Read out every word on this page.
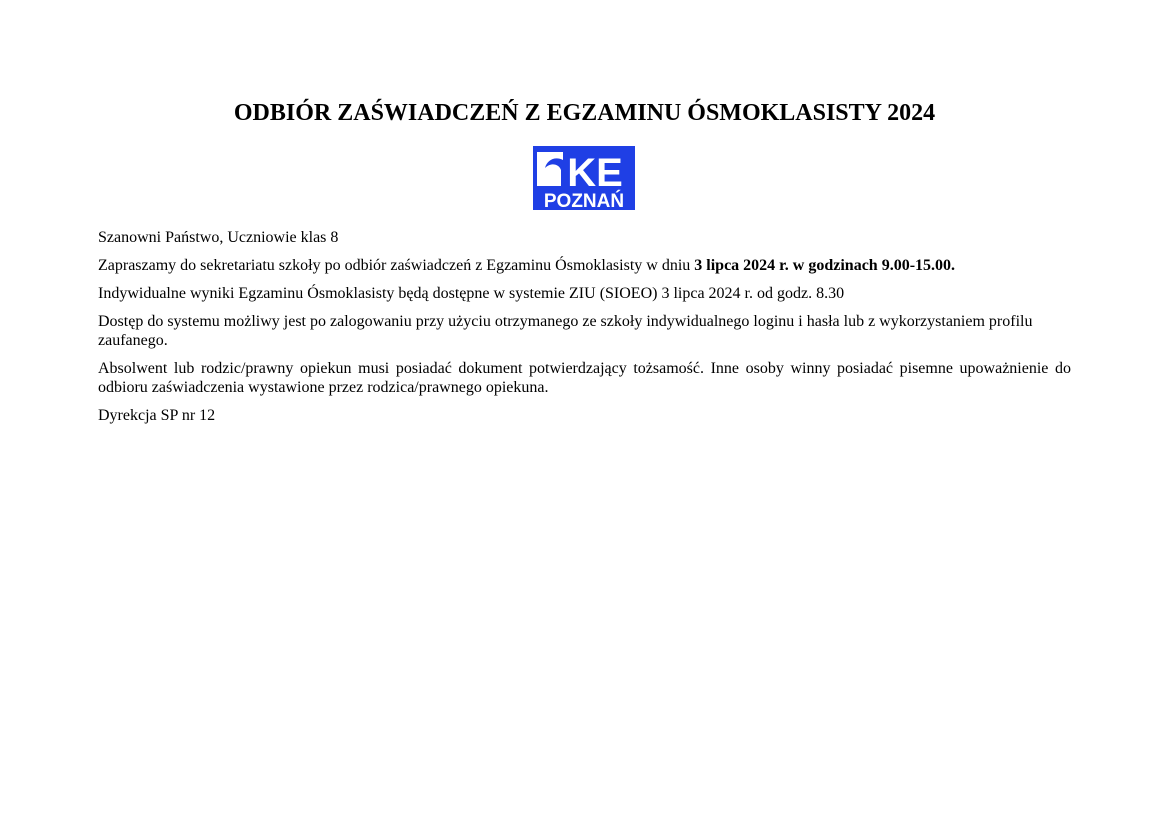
ODBIÓR ZAŚWIADCZEŃ Z EGZAMINU ÓSMOKLASISTY 2024
KE
POZNAŃ

Szanowni Państwo, Uczniowie klas 8

Zapraszamy do sekretariatu szkoły po odbiór zaświadczeń z Egzaminu Ósmoklasisty w dniu 3 lipca 2024 r. w godzinach 9.00-15.00.

Indywidualne wyniki Egzaminu Ósmoklasisty będą dostępne w systemie ZIU (SIOEO) 3 lipca 2024 r. od godz. 8.30

Dostęp do systemu możliwy jest po zalogowaniu przy użyciu otrzymanego ze szkoły indywidualnego loginu i hasła lub z wykorzystaniem profilu zaufanego.

Absolwent lub rodzic/prawny opiekun musi posiadać dokument potwierdzający tożsamość. Inne osoby winny posiadać pisemne upoważnienie do odbioru zaświadczenia wystawione przez rodzica/prawnego opiekuna.

Dyrekcja SP nr 12
